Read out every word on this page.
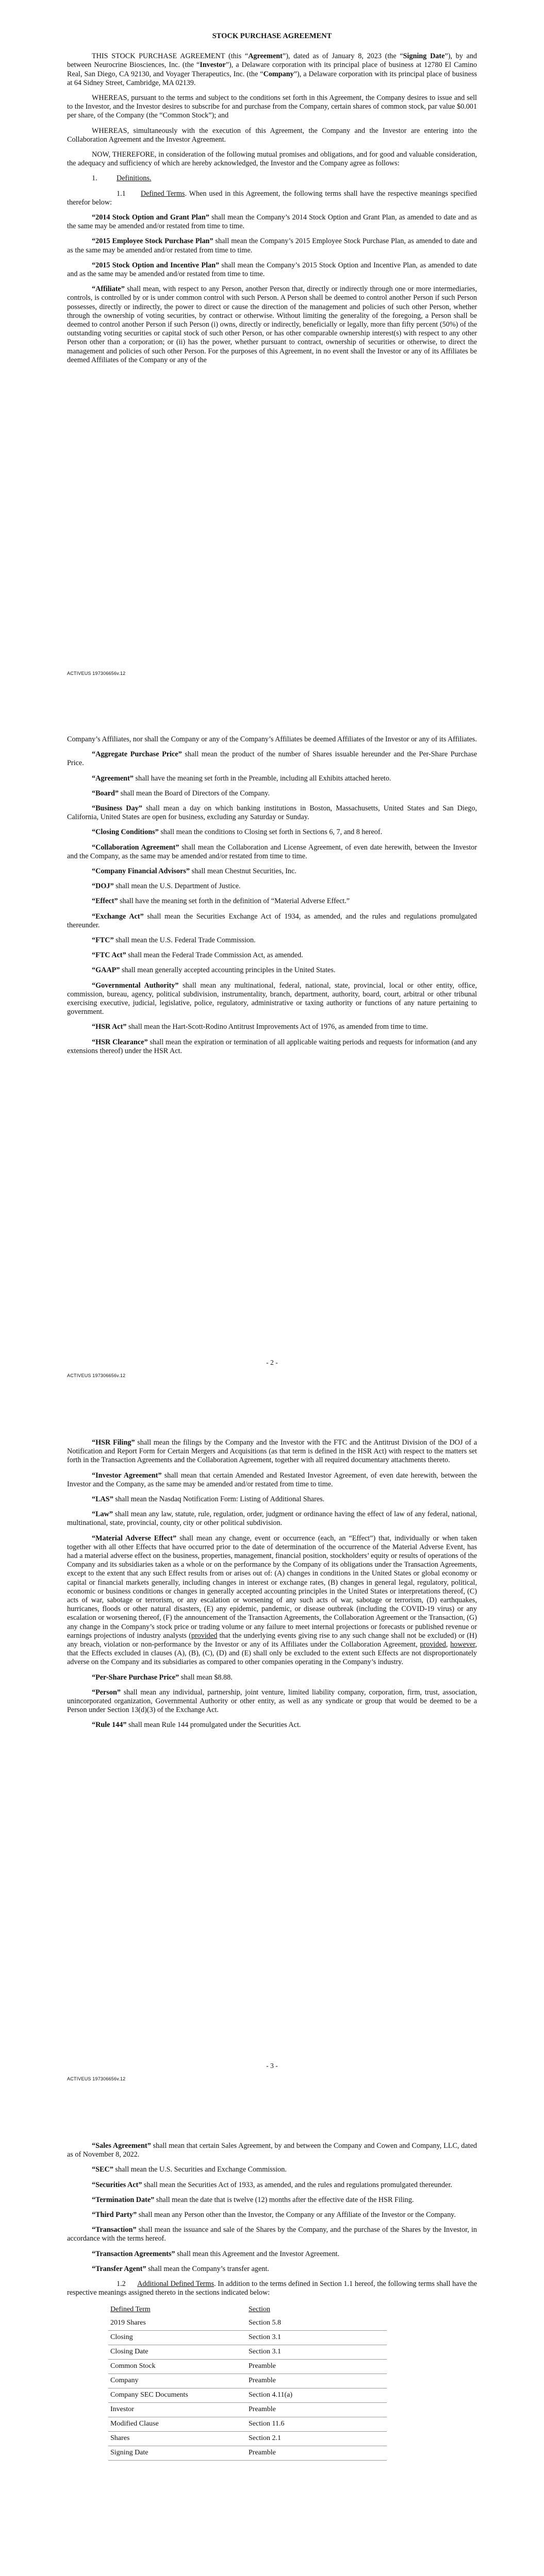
STOCK PURCHASE AGREEMENT

THIS STOCK PURCHASE AGREEMENT (this “Agreement”), dated as of January 8, 2023 (the “Signing Date”), by and between Neurocrine Biosciences, Inc. (the “Investor”), a Delaware corporation with its principal place of business at 12780 El Camino Real, San Diego, CA 92130, and Voyager Therapeutics, Inc. (the “Company”), a Delaware corporation with its principal place of business at 64 Sidney Street, Cambridge, MA 02139.

WHEREAS, pursuant to the terms and subject to the conditions set forth in this Agreement, the Company desires to issue and sell to the Investor, and the Investor desires to subscribe for and purchase from the Company, certain shares of common stock, par value $0.001 per share, of the Company (the “Common Stock”); and

WHEREAS, simultaneously with the execution of this Agreement, the Company and the Investor are entering into the Collaboration Agreement and the Investor Agreement.

NOW, THEREFORE, in consideration of the following mutual promises and obligations, and for good and valuable consideration, the adequacy and sufficiency of which are hereby acknowledged, the Investor and the Company agree as follows:

1.	Definitions.

1.1 Defined Terms. When used in this Agreement, the following terms shall have the respective meanings specified therefor below:

“2014 Stock Option and Grant Plan” shall mean the Company’s 2014 Stock Option and Grant Plan, as amended to date and as the same may be amended and/or restated from time to time.

“2015 Employee Stock Purchase Plan” shall mean the Company’s 2015 Employee Stock Purchase Plan, as amended to date and as the same may be amended and/or restated from time to time.

“2015 Stock Option and Incentive Plan” shall mean the Company’s 2015 Stock Option and Incentive Plan, as amended to date and as the same may be amended and/or restated from time to time.

“Affiliate” shall mean, with respect to any Person, another Person that, directly or indirectly through one or more intermediaries, controls, is controlled by or is under common control with such Person. A Person shall be deemed to control another Person if such Person possesses, directly or indirectly, the power to direct or cause the direction of the management and policies of such other Person, whether through the ownership of voting securities, by contract or otherwise. Without limiting the generality of the foregoing, a Person shall be deemed to control another Person if such Person (i) owns, directly or indirectly, beneficially or legally, more than fifty percent (50%) of the outstanding voting securities or capital stock of such other Person, or has other comparable ownership interest(s) with respect to any other Person other than a corporation; or (ii) has the power, whether pursuant to contract, ownership of securities or otherwise, to direct the management and policies of such other Person. For the purposes of this Agreement, in no event shall the Investor or any of its Affiliates be deemed Affiliates of the Company or any of the

ACTIVEUS 197306656v.12

Company’s Affiliates, nor shall the Company or any of the Company’s Affiliates be deemed Affiliates of the Investor or any of its Affiliates.

“Aggregate Purchase Price” shall mean the product of the number of Shares issuable hereunder and the Per-Share Purchase Price.

“Agreement” shall have the meaning set forth in the Preamble, including all Exhibits attached hereto.

“Board” shall mean the Board of Directors of the Company.

“Business Day” shall mean a day on which banking institutions in Boston, Massachusetts, United States and San Diego, California, United States are open for business, excluding any Saturday or Sunday.

“Closing Conditions” shall mean the conditions to Closing set forth in Sections 6, 7, and 8 hereof.

“Collaboration Agreement” shall mean the Collaboration and License Agreement, of even date herewith, between the Investor and the Company, as the same may be amended and/or restated from time to time.

“Company Financial Advisors” shall mean Chestnut Securities, Inc.

“DOJ” shall mean the U.S. Department of Justice.

“Effect” shall have the meaning set forth in the definition of “Material Adverse Effect.”

“Exchange Act” shall mean the Securities Exchange Act of 1934, as amended, and the rules and regulations promulgated thereunder.

“FTC” shall mean the U.S. Federal Trade Commission.

“FTC Act” shall mean the Federal Trade Commission Act, as amended.

“GAAP” shall mean generally accepted accounting principles in the United States.

“Governmental Authority” shall mean any multinational, federal, national, state, provincial, local or other entity, office, commission, bureau, agency, political subdivision, instrumentality, branch, department, authority, board, court, arbitral or other tribunal exercising executive, judicial, legislative, police, regulatory, administrative or taxing authority or functions of any nature pertaining to government.

“HSR Act” shall mean the Hart-Scott-Rodino Antitrust Improvements Act of 1976, as amended from time to time.

“HSR Clearance” shall mean the expiration or termination of all applicable waiting periods and requests for information (and any extensions thereof) under the HSR Act.

- 2 -
ACTIVEUS 197306656v.12

“HSR Filing” shall mean the filings by the Company and the Investor with the FTC and the Antitrust Division of the DOJ of a Notification and Report Form for Certain Mergers and Acquisitions (as that term is defined in the HSR Act) with respect to the matters set forth in the Transaction Agreements and the Collaboration Agreement, together with all required documentary attachments thereto.

“Investor Agreement” shall mean that certain Amended and Restated Investor Agreement, of even date herewith, between the Investor and the Company, as the same may be amended and/or restated from time to time.

“LAS” shall mean the Nasdaq Notification Form: Listing of Additional Shares.

“Law” shall mean any law, statute, rule, regulation, order, judgment or ordinance having the effect of law of any federal, national, multinational, state, provincial, county, city or other political subdivision.

“Material Adverse Effect” shall mean any change, event or occurrence (each, an “Effect”) that, individually or when taken together with all other Effects that have occurred prior to the date of determination of the occurrence of the Material Adverse Event, has had a material adverse effect on the business, properties, management, financial position, stockholders’ equity or results of operations of the Company and its subsidiaries taken as a whole or on the performance by the Company of its obligations under the Transaction Agreements, except to the extent that any such Effect results from or arises out of: (A) changes in conditions in the United States or global economy or capital or financial markets generally, including changes in interest or exchange rates, (B) changes in general legal, regulatory, political, economic or business conditions or changes in generally accepted accounting principles in the United States or interpretations thereof, (C) acts of war, sabotage or terrorism, or any escalation or worsening of any such acts of war, sabotage or terrorism, (D) earthquakes, hurricanes, floods or other natural disasters, (E) any epidemic, pandemic, or disease outbreak (including the COVID-19 virus) or any escalation or worsening thereof, (F) the announcement of the Transaction Agreements, the Collaboration Agreement or the Transaction, (G) any change in the Company’s stock price or trading volume or any failure to meet internal projections or forecasts or published revenue or earnings projections of industry analysts (provided that the underlying events giving rise to any such change shall not be excluded) or (H) any breach, violation or non-performance by the Investor or any of its Affiliates under the Collaboration Agreement, provided, however, that the Effects excluded in clauses (A), (B), (C), (D) and (E) shall only be excluded to the extent such Effects are not disproportionately adverse on the Company and its subsidiaries as compared to other companies operating in the Company’s industry.

“Per-Share Purchase Price” shall mean $8.88.

“Person” shall mean any individual, partnership, joint venture, limited liability company, corporation, firm, trust, association, unincorporated organization, Governmental Authority or other entity, as well as any syndicate or group that would be deemed to be a Person under Section 13(d)(3) of the Exchange Act.

“Rule 144” shall mean Rule 144 promulgated under the Securities Act.

- 3 -
ACTIVEUS 197306656v.12

“Sales Agreement” shall mean that certain Sales Agreement, by and between the Company and Cowen and Company, LLC, dated as of November 8, 2022.

“SEC” shall mean the U.S. Securities and Exchange Commission.

“Securities Act” shall mean the Securities Act of 1933, as amended, and the rules and regulations promulgated thereunder.

“Termination Date” shall mean the date that is twelve (12) months after the effective date of the HSR Filing.

“Third Party” shall mean any Person other than the Investor, the Company or any Affiliate of the Investor or the Company.

“Transaction” shall mean the issuance and sale of the Shares by the Company, and the purchase of the Shares by the Investor, in accordance with the terms hereof.

“Transaction Agreements” shall mean this Agreement and the Investor Agreement.

“Transfer Agent” shall mean the Company’s transfer agent.

1.2 Additional Defined Terms. In addition to the terms defined in Section 1.1 hereof, the following terms shall have the respective meanings assigned thereto in the sections indicated below:

Defined Term	Section
2019 Shares	Section 5.8
Closing	Section 3.1
Closing Date	Section 3.1
Common Stock	Preamble
Company	Preamble
Company SEC Documents	Section 4.11(a)
Investor	Preamble
Modified Clause	Section 11.6
Shares	Section 2.1
Signing Date	Preamble
